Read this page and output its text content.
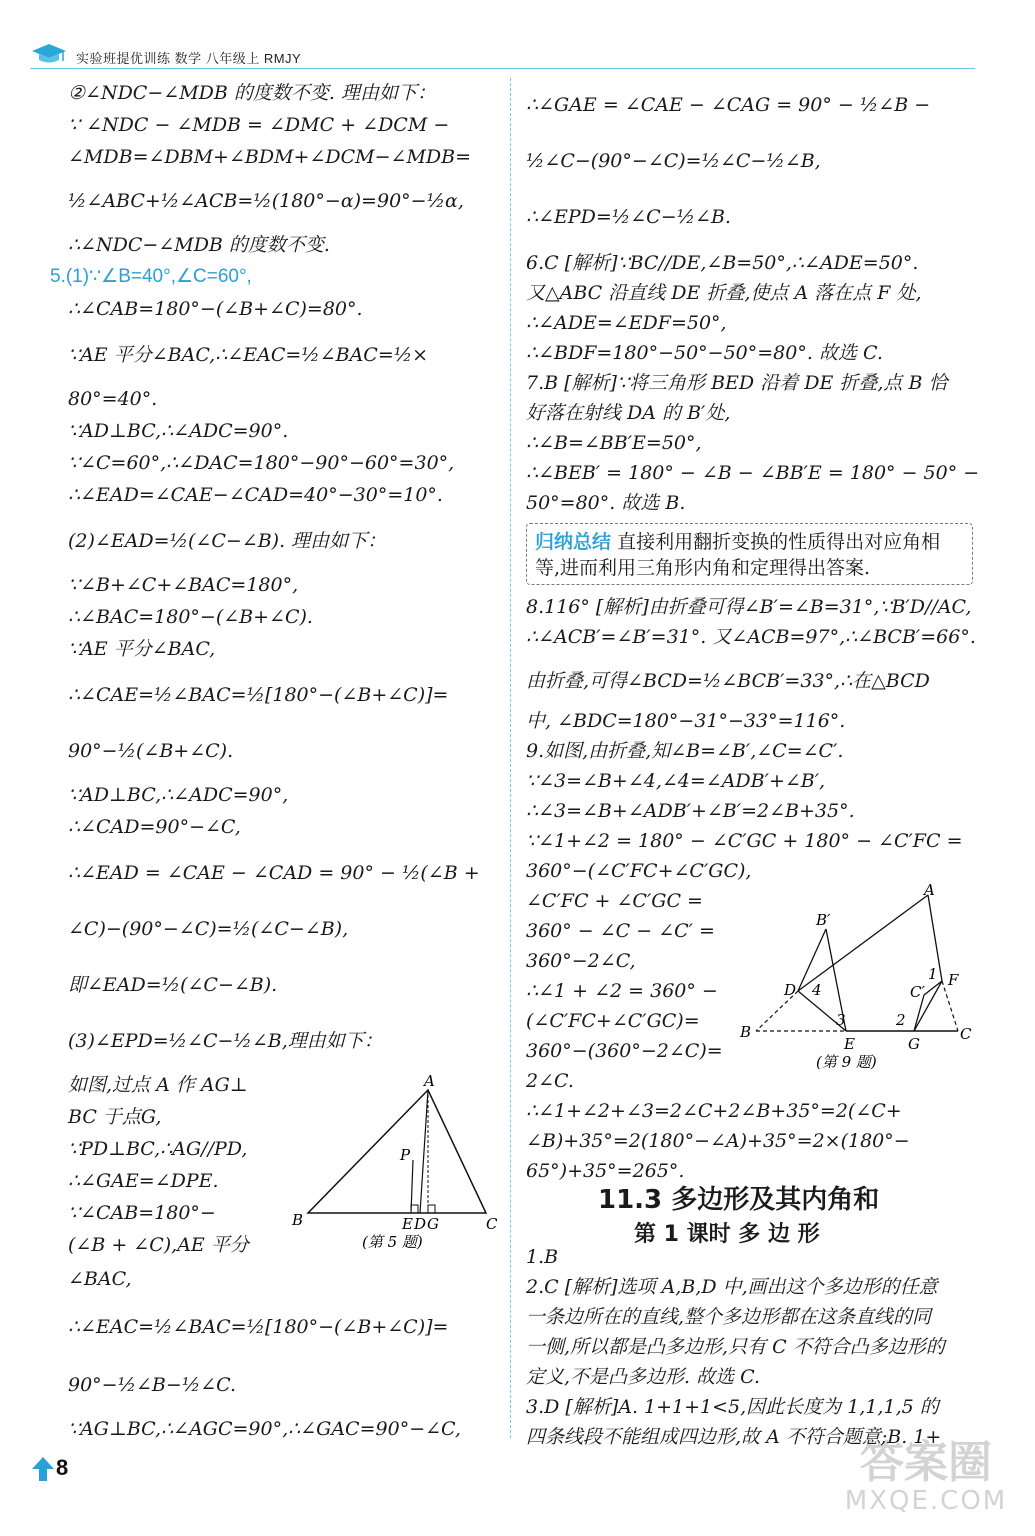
实验班提优训练 数学 八年级上 RMJY
②∠NDC−∠MDB 的度数不变. 理由如下：
∵ ∠NDC − ∠MDB = ∠DMC + ∠DCM −
∠MDB=∠DBM+∠BDM+∠DCM−∠MDB=
½∠ABC+½∠ACB=½(180°−α)=90°−½α,
∴∠NDC−∠MDB 的度数不变.
5.(1)∵∠B=40°,∠C=60°,
∴∠CAB=180°−(∠B+∠C)=80°.
∵AE 平分∠BAC,∴∠EAC=½∠BAC=½×
80°=40°.
∵AD⊥BC,∴∠ADC=90°.
∵∠C=60°,∴∠DAC=180°−90°−60°=30°,
∴∠EAD=∠CAE−∠CAD=40°−30°=10°.
(2)∠EAD=½(∠C−∠B). 理由如下：
∵∠B+∠C+∠BAC=180°,
∴∠BAC=180°−(∠B+∠C).
∵AE 平分∠BAC,
∴∠CAE=½∠BAC=½[180°−(∠B+∠C)]=
90°−½(∠B+∠C).
∵AD⊥BC,∴∠ADC=90°,
∴∠CAD=90°−∠C,
∴∠EAD = ∠CAE − ∠CAD = 90° − ½(∠B +
∠C)−(90°−∠C)=½(∠C−∠B),
即∠EAD=½(∠C−∠B).
(3)∠EPD=½∠C−½∠B,理由如下：
如图,过点 A 作 AG⊥
BC 于点G,
∵PD⊥BC,∴AG//PD,
∴∠GAE=∠DPE.
∵∠CAB=180°−
(∠B + ∠C),AE 平分
∠BAC,
∴∠EAC=½∠BAC=½[180°−(∠B+∠C)]=
90°−½∠B−½∠C.
∵AG⊥BC,∴∠AGC=90°,∴∠GAC=90°−∠C,
A
P
B	E D G	C
(第 5 题)
∴∠GAE = ∠CAE − ∠CAG = 90° − ½∠B −
½∠C−(90°−∠C)=½∠C−½∠B,
∴∠EPD=½∠C−½∠B.
6.C [解析]∵BC//DE,∠B=50°,∴∠ADE=50°.
又△ABC 沿直线 DE 折叠,使点 A 落在点 F 处,
∴∠ADE=∠EDF=50°,
∴∠BDF=180°−50°−50°=80°. 故选 C.
7.B [解析]∵将三角形 BED 沿着 DE 折叠,点 B 恰
好落在射线 DA 的 B′处,
∴∠B=∠BB′E=50°,
∴∠BEB′ = 180° − ∠B − ∠BB′E = 180° − 50° −
50°=80°. 故选 B.
归纳总结 直接利用翻折变换的性质得出对应角相
等,进而利用三角形内角和定理得出答案.
8.116° [解析]由折叠可得∠B′=∠B=31°,∵B′D//AC,
∴∠ACB′=∠B′=31°. 又∠ACB=97°,∴∠BCB′=66°.
由折叠,可得∠BCD=½∠BCB′=33°,∴在△BCD
中, ∠BDC=180°−31°−33°=116°.
9.如图,由折叠,知∠B=∠B′,∠C=∠C′.
∵∠3=∠B+∠4,∠4=∠ADB′+∠B′,
∴∠3=∠B+∠ADB′+∠B′=2∠B+35°.
∵∠1+∠2 = 180° − ∠C′GC + 180° − ∠C′FC =
360°−(∠C′FC+∠C′GC),
∠C′FC + ∠C′GC =
360° − ∠C − ∠C′ =
360°−2∠C,
∴∠1 + ∠2 = 360° −
(∠C′FC+∠C′GC)=
360°−(360°−2∠C)=
2∠C.
∴∠1+∠2+∠3=2∠C+2∠B+35°=2(∠C+
∠B)+35°=2(180°−∠A)+35°=2×(180°−
65°)+35°=265°.
A
B′
D 4
1 F
C′
3	2
B
E	G
C
(第 9 题)
11.3 多边形及其内角和
第 1 课时 多 边 形
1.B
2.C [解析]选项 A,B,D 中,画出这个多边形的任意
一条边所在的直线,整个多边形都在这条直线的同
一侧,所以都是凸多边形,只有 C 不符合凸多边形的
定义,不是凸多边形. 故选 C.
3.D [解析]A. 1+1+1<5,因此长度为 1,1,1,5 的
四条线段不能组成四边形,故 A 不符合题意;B. 1+
8	答案圈
MXQE.COM
